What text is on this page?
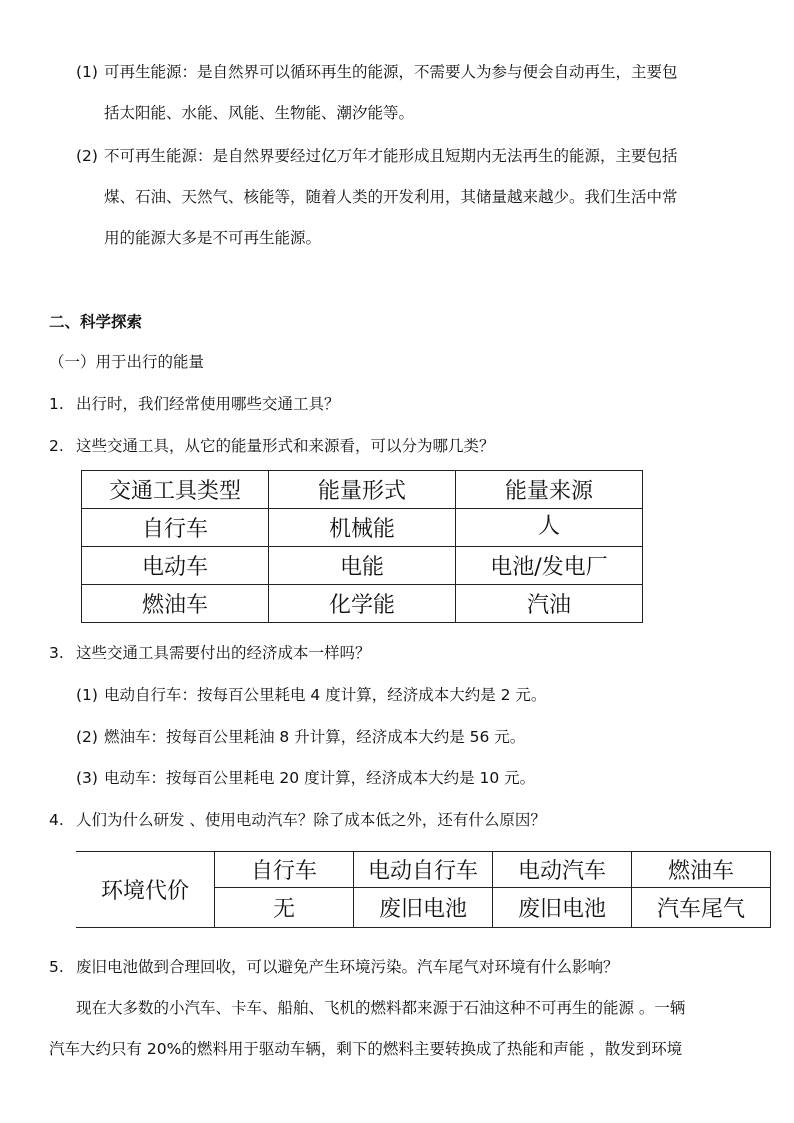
(1) 可再生能源：是自然界可以循环再生的能源，不需要人为参与便会自动再生，主要包
括太阳能、水能、风能、生物能、潮汐能等。
(2) 不可再生能源：是自然界要经过亿万年才能形成且短期内无法再生的能源，主要包括
煤、石油、天然气、核能等，随着人类的开发利用，其储量越来越少。我们生活中常
用的能源大多是不可再生能源。
二、科学探索
（一）用于出行的能量
1. 出行时，我们经常使用哪些交通工具？
2. 这些交通工具，从它的能量形式和来源看，可以分为哪几类？
交通工具类型	能量形式	能量来源
自行车	机械能	人
电动车	电能	电池/发电厂
燃油车	化学能	汽油
3. 这些交通工具需要付出的经济成本一样吗？
(1) 电动自行车：按每百公里耗电 4 度计算，经济成本大约是 2 元。
(2) 燃油车：按每百公里耗油 8 升计算，经济成本大约是 56 元。
(3) 电动车：按每百公里耗电 20 度计算，经济成本大约是 10 元。
4. 人们为什么研发 、使用电动汽车？除了成本低之外，还有什么原因？
环境代价	自行车	电动自行车	电动汽车	燃油车
	无	废旧电池	废旧电池	汽车尾气
5. 废旧电池做到合理回收，可以避免产生环境污染。汽车尾气对环境有什么影响？
现在大多数的小汽车、卡车、船舶、飞机的燃料都来源于石油这种不可再生的能源 。一辆
汽车大约只有 20%的燃料用于驱动车辆，剩下的燃料主要转换成了热能和声能 ，散发到环境
